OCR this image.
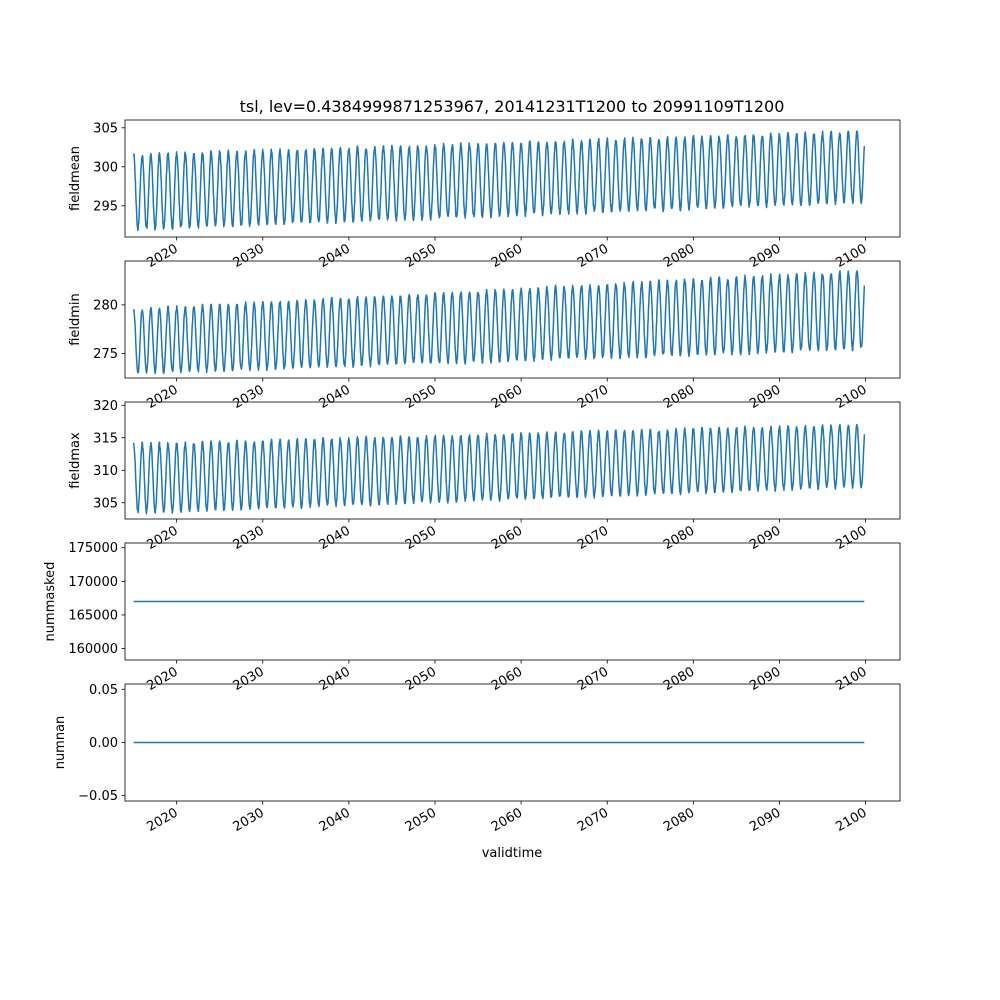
tsl, lev=0.4384999871253967, 20141231T1200 to 20991109T1200
295
300
305
fieldmean
2020	2030	2040	2050	2060	2070	2080	2090	2100
275
280
fieldmin
2020	2030	2040	2050	2060	2070	2080	2090	2100
305
310
315
320
fieldmax
2020	2030	2040	2050	2060	2070	2080	2090	2100
160000
165000
170000
175000
nummasked
2020	2030	2040	2050	2060	2070	2080	2090	2100
−0.05
0.00
0.05
numnan
2020	2030	2040	2050	2060	2070	2080	2090	2100
validtime
